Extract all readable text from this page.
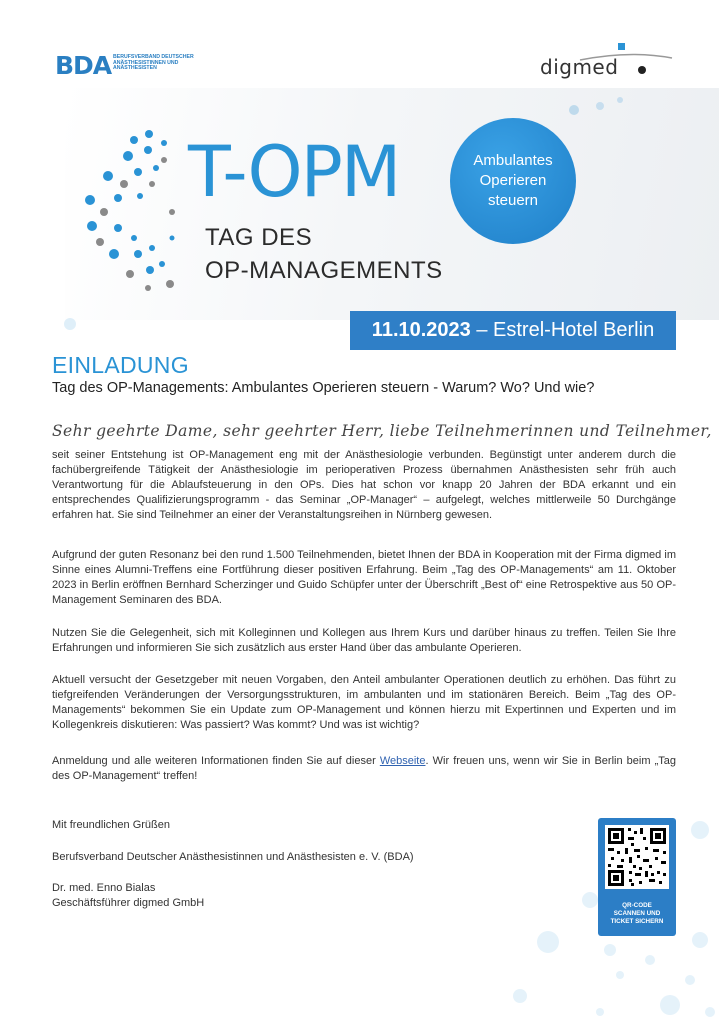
BDA BERUFSVERBAND DEUTSCHER ANÄSTHESISTINNEN UND ANÄSTHESISTEN	digmed
T-OPM
TAG DES
OP-MANAGEMENTS
Ambulantes
Operieren
steuern
11.10.2023 – Estrel-Hotel Berlin
EINLADUNG
Tag des OP-Managements: Ambulantes Operieren steuern - Warum? Wo? Und wie?
Sehr geehrte Dame, sehr geehrter Herr, liebe Teilnehmerinnen und Teilnehmer,
seit seiner Entstehung ist OP-Management eng mit der Anästhesiologie verbunden. Begünstigt unter anderem durch die fachübergreifende Tätigkeit der Anästhesiologie im perioperativen Prozess übernahmen Anästhesisten sehr früh auch Verantwortung für die Ablaufsteuerung in den OPs. Dies hat schon vor knapp 20 Jahren der BDA erkannt und ein entsprechendes Qualifizierungsprogramm - das Seminar „OP-Manager“ – aufgelegt, welches mittlerweile 50 Durchgänge erfahren hat. Sie sind Teilnehmer an einer der Veranstaltungsreihen in Nürnberg gewesen.
Aufgrund der guten Resonanz bei den rund 1.500 Teilnehmenden, bietet Ihnen der BDA in Kooperation mit der Firma digmed im Sinne eines Alumni-Treffens eine Fortführung dieser positiven Erfahrung. Beim „Tag des OP-Managements“ am 11. Oktober 2023 in Berlin eröffnen Bernhard Scherzinger und Guido Schüpfer unter der Überschrift „Best of“ eine Retrospektive aus 50 OP-Management Seminaren des BDA.
Nutzen Sie die Gelegenheit, sich mit Kolleginnen und Kollegen aus Ihrem Kurs und darüber hinaus zu treffen. Teilen Sie Ihre Erfahrungen und informieren Sie sich zusätzlich aus erster Hand über das ambulante Operieren.
Aktuell versucht der Gesetzgeber mit neuen Vorgaben, den Anteil ambulanter Operationen deutlich zu erhöhen. Das führt zu tiefgreifenden Veränderungen der Versorgungsstrukturen, im ambulanten und im stationären Bereich. Beim „Tag des OP-Managements“ bekommen Sie ein Update zum OP-Management und können hierzu mit Expertinnen und Experten und im Kollegenkreis diskutieren: Was passiert? Was kommt? Und was ist wichtig?
Anmeldung und alle weiteren Informationen finden Sie auf dieser Webseite. Wir freuen uns, wenn wir Sie in Berlin beim „Tag des OP-Management“ treffen!
Mit freundlichen Grüßen
Berufsverband Deutscher Anästhesistinnen und Anästhesisten e. V. (BDA)
Dr. med. Enno Bialas
Geschäftsführer digmed GmbH	QR-CODE
SCANNEN UND
TICKET SICHERN
